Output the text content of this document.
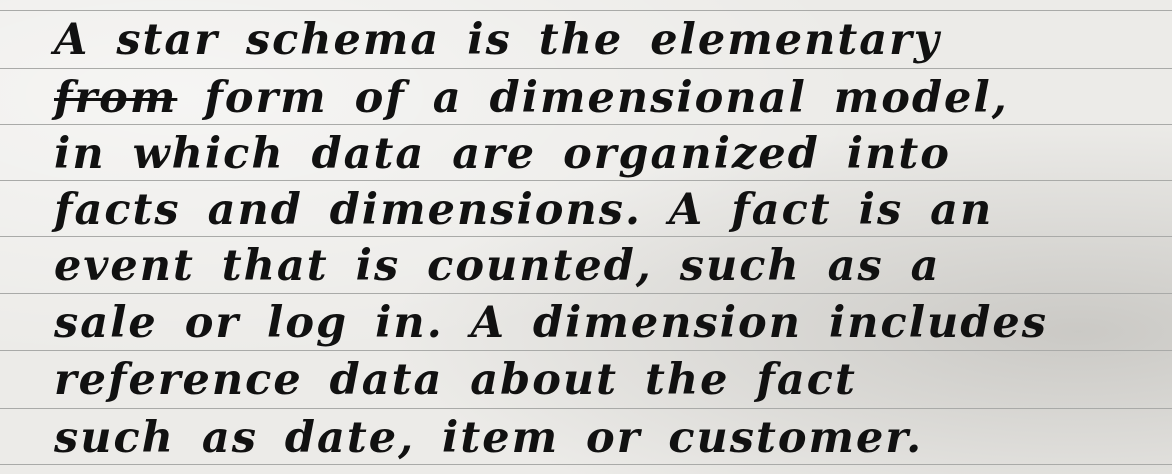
A star schema is the elementary

from form of a dimensional model,

in which data are organized into

facts and dimensions. A fact is an

event that is counted, such as a

sale or log in. A dimension includes

reference data about the fact

such as date, item or customer.
